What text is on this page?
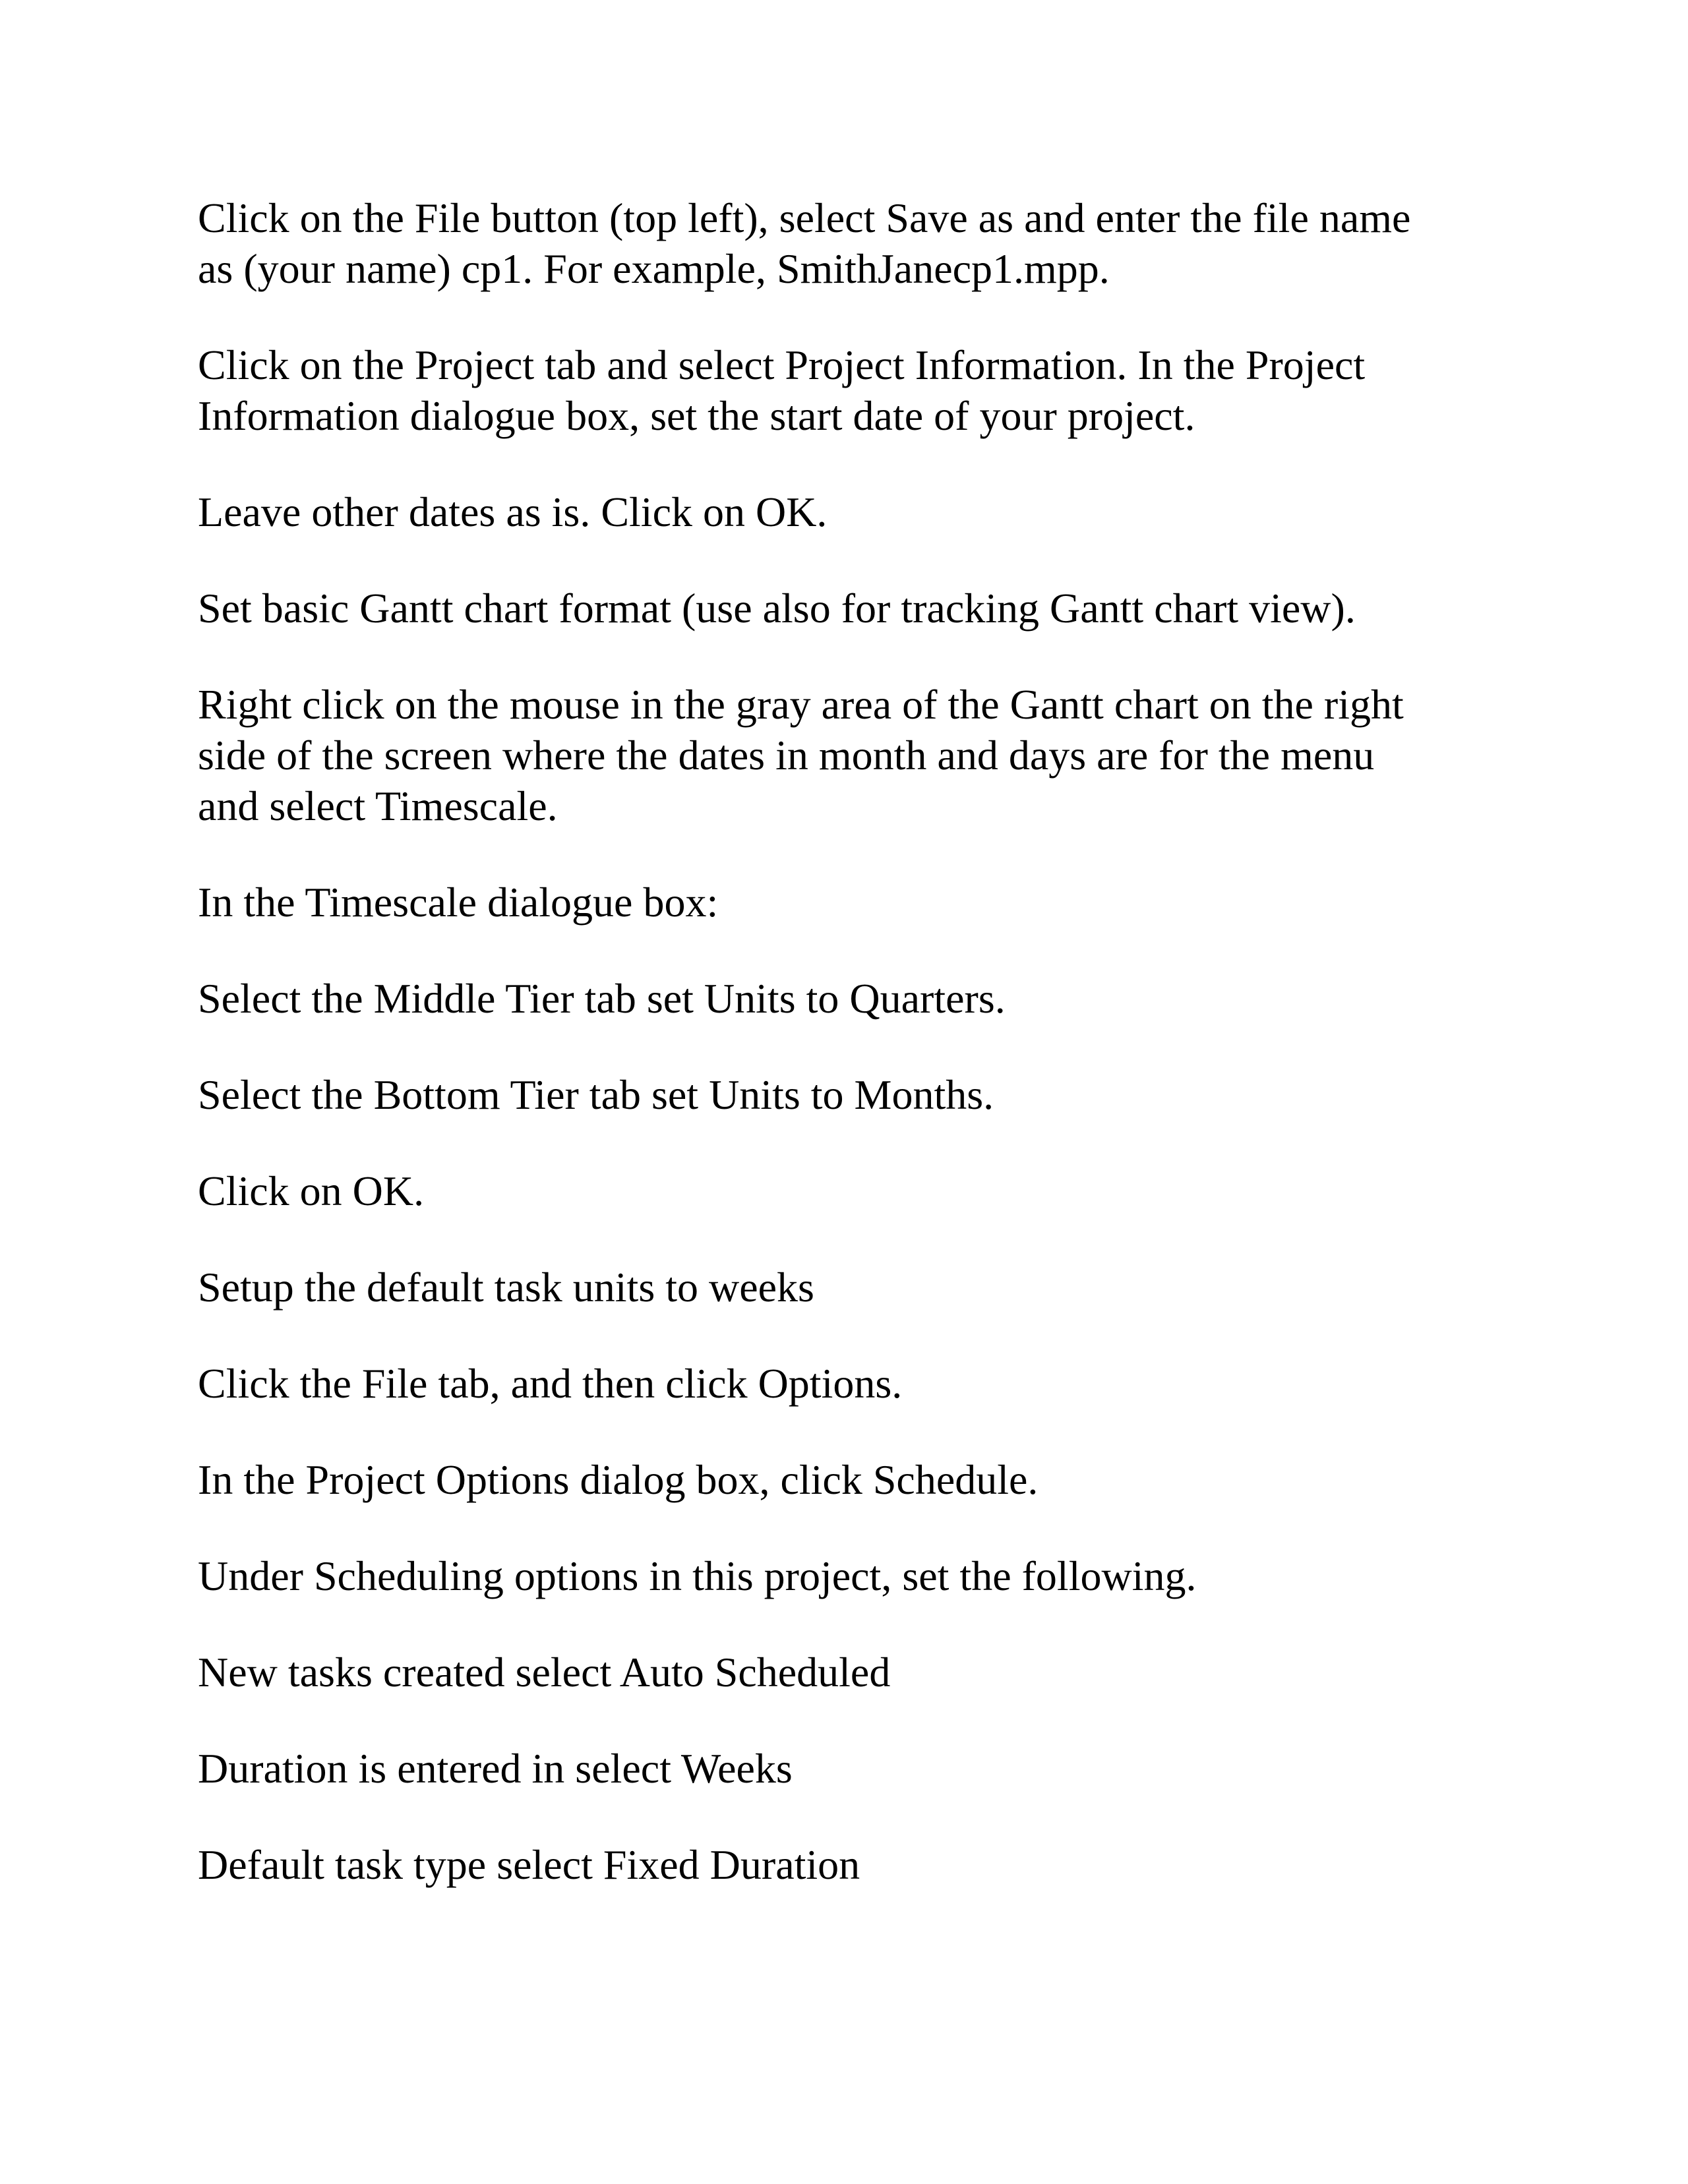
Click on the File button (top left), select Save as and enter the file name
as (your name) cp1. For example, SmithJanecp1.mpp.

Click on the Project tab and select Project Information. In the Project
Information dialogue box, set the start date of your project.

Leave other dates as is. Click on OK.

Set basic Gantt chart format (use also for tracking Gantt chart view).

Right click on the mouse in the gray area of the Gantt chart on the right
side of the screen where the dates in month and days are for the menu
and select Timescale.

In the Timescale dialogue box:

Select the Middle Tier tab set Units to Quarters.

Select the Bottom Tier tab set Units to Months.

Click on OK.

Setup the default task units to weeks

Click the File tab, and then click Options.

In the Project Options dialog box, click Schedule.

Under Scheduling options in this project, set the following.

New tasks created select Auto Scheduled

Duration is entered in select Weeks

Default task type select Fixed Duration
